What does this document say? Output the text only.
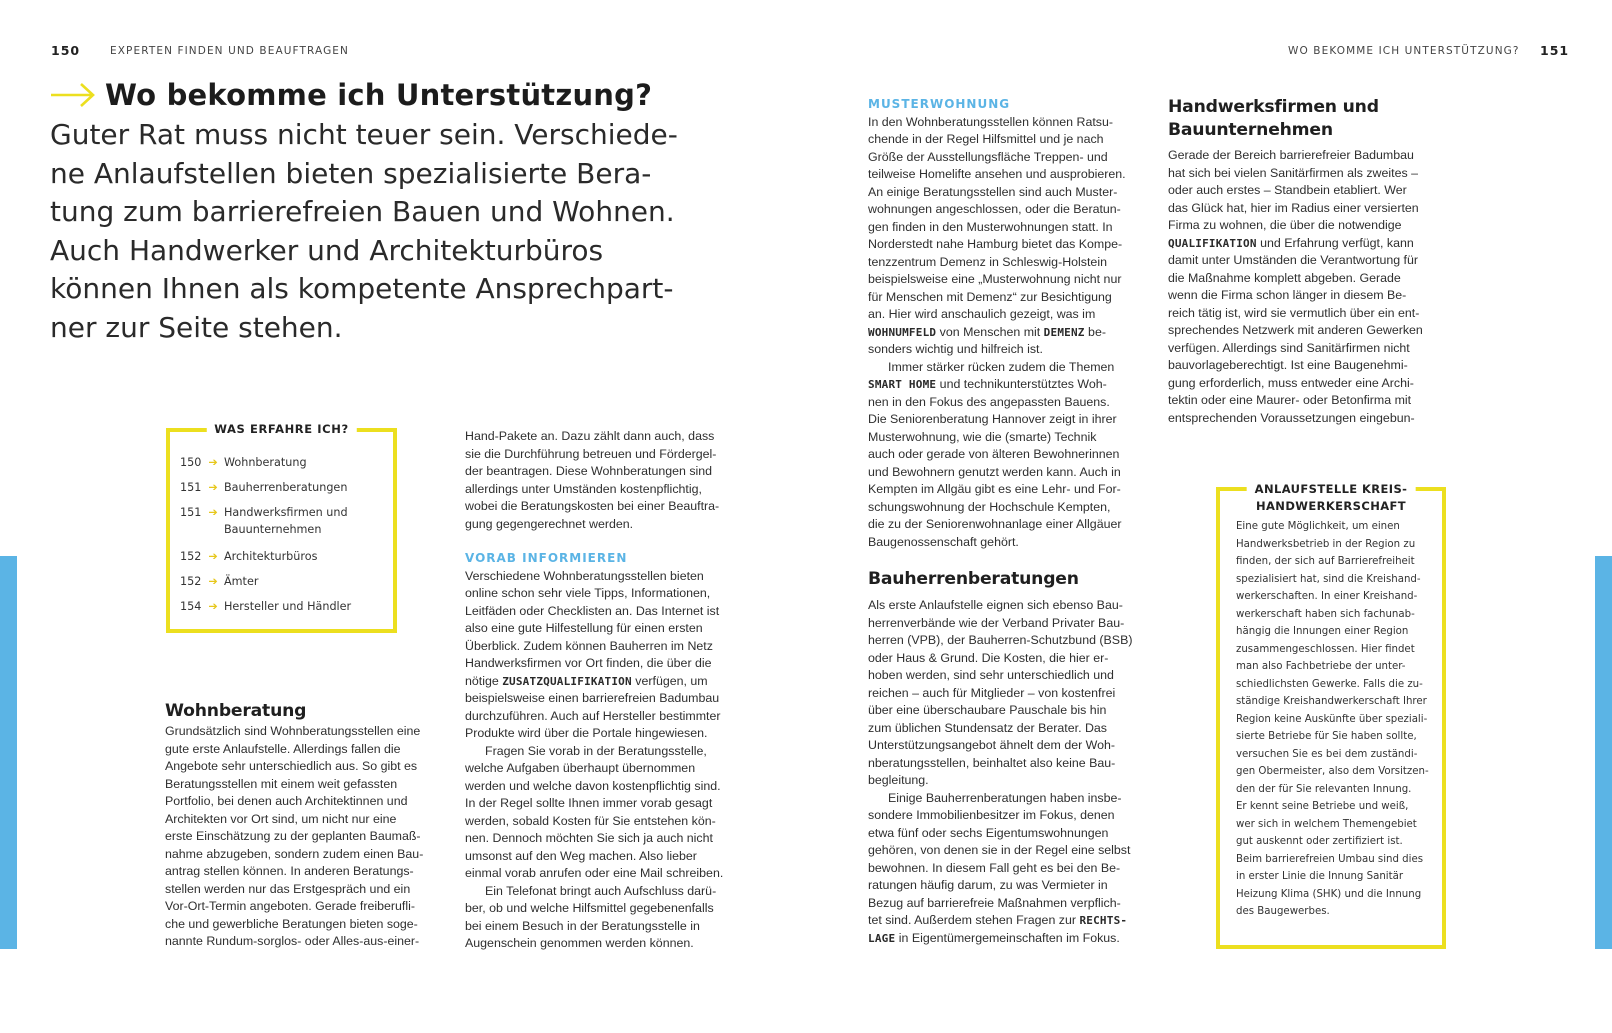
150	EXPERTEN FINDEN UND BEAUFTRAGEN	WO BEKOMME ICH UNTERSTÜTZUNG? 151
Wo bekomme ich Unterstützung?
Guter Rat muss nicht teuer sein. Verschiede-
ne Anlaufstellen bieten spezialisierte Bera-
tung zum barrierefreien Bauen und Wohnen.
Auch Handwerker und Architekturbüros
können Ihnen als kompetente Ansprechpart-
ner zur Seite stehen.
WAS ERFAHRE ICH?
150 ➔ Wohnberatung
151 ➔ Bauherrenberatungen
151 ➔ Handwerksfirmen und Bauunternehmen
152 ➔ Architekturbüros
152 ➔ Ämter
154 ➔ Hersteller und Händler
Wohnberatung
Grundsätzlich sind Wohnberatungsstellen eine
gute erste Anlaufstelle. Allerdings fallen die
Angebote sehr unterschiedlich aus. So gibt es
Beratungsstellen mit einem weit gefassten
Portfolio, bei denen auch Architektinnen und
Architekten vor Ort sind, um nicht nur eine
erste Einschätzung zu der geplanten Baumaß-
nahme abzugeben, sondern zudem einen Bau-
antrag stellen können. In anderen Beratungs-
stellen werden nur das Erstgespräch und ein
Vor-Ort-Termin angeboten. Gerade freiberufli-
che und gewerbliche Beratungen bieten soge-
nannte Rundum-sorglos- oder Alles-aus-einer-
Hand-Pakete an. Dazu zählt dann auch, dass
sie die Durchführung betreuen und Fördergel-
der beantragen. Diese Wohnberatungen sind
allerdings unter Umständen kostenpflichtig,
wobei die Beratungskosten bei einer Beauftra-
gung gegengerechnet werden.
VORAB INFORMIEREN
Verschiedene Wohnberatungsstellen bieten
online schon sehr viele Tipps, Informationen,
Leitfäden oder Checklisten an. Das Internet ist
also eine gute Hilfestellung für einen ersten
Überblick. Zudem können Bauherren im Netz
Handwerksfirmen vor Ort finden, die über die
nötige ZUSATZQUALIFIKATION verfügen, um
beispielsweise einen barrierefreien Badumbau
durchzuführen. Auch auf Hersteller bestimmter
Produkte wird über die Portale hingewiesen.
Fragen Sie vorab in der Beratungsstelle,
welche Aufgaben überhaupt übernommen
werden und welche davon kostenpflichtig sind.
In der Regel sollte Ihnen immer vorab gesagt
werden, sobald Kosten für Sie entstehen kön-
nen. Dennoch möchten Sie sich ja auch nicht
umsonst auf den Weg machen. Also lieber
einmal vorab anrufen oder eine Mail schreiben.
Ein Telefonat bringt auch Aufschluss darü-
ber, ob und welche Hilfsmittel gegebenenfalls
bei einem Besuch in der Beratungsstelle in
Augenschein genommen werden können.
MUSTERWOHNUNG
In den Wohnberatungsstellen können Ratsu-
chende in der Regel Hilfsmittel und je nach
Größe der Ausstellungsfläche Treppen- und
teilweise Homelifte ansehen und ausprobieren.
An einige Beratungsstellen sind auch Muster-
wohnungen angeschlossen, oder die Beratun-
gen finden in den Musterwohnungen statt. In
Norderstedt nahe Hamburg bietet das Kompe-
tenzzentrum Demenz in Schleswig-Holstein
beispielsweise eine „Musterwohnung nicht nur
für Menschen mit Demenz“ zur Besichtigung
an. Hier wird anschaulich gezeigt, was im
WOHNUMFELD von Menschen mit DEMENZ be-
sonders wichtig und hilfreich ist.
Immer stärker rücken zudem die Themen
SMART HOME und technikunterstütztes Woh-
nen in den Fokus des angepassten Bauens.
Die Seniorenberatung Hannover zeigt in ihrer
Musterwohnung, wie die (smarte) Technik
auch oder gerade von älteren Bewohnerinnen
und Bewohnern genutzt werden kann. Auch in
Kempten im Allgäu gibt es eine Lehr- und For-
schungswohnung der Hochschule Kempten,
die zu der Seniorenwohnanlage einer Allgäuer
Baugenossenschaft gehört.
Bauherrenberatungen
Als erste Anlaufstelle eignen sich ebenso Bau-
herrenverbände wie der Verband Privater Bau-
herren (VPB), der Bauherren-Schutzbund (BSB)
oder Haus & Grund. Die Kosten, die hier er-
hoben werden, sind sehr unterschiedlich und
reichen – auch für Mitglieder – von kostenfrei
über eine überschaubare Pauschale bis hin
zum üblichen Stundensatz der Berater. Das
Unterstützungsangebot ähnelt dem der Woh-
nberatungsstellen, beinhaltet also keine Bau-
begleitung.
Einige Bauherrenberatungen haben insbe-
sondere Immobilienbesitzer im Fokus, denen
etwa fünf oder sechs Eigentumswohnungen
gehören, von denen sie in der Regel eine selbst
bewohnen. In diesem Fall geht es bei den Be-
ratungen häufig darum, zu was Vermieter in
Bezug auf barrierefreie Maßnahmen verpflich-
tet sind. Außerdem stehen Fragen zur RECHTS-
LAGE in Eigentümergemeinschaften im Fokus.
Handwerksfirmen und
Bauunternehmen
Gerade der Bereich barrierefreier Badumbau
hat sich bei vielen Sanitärfirmen als zweites –
oder auch erstes – Standbein etabliert. Wer
das Glück hat, hier im Radius einer versierten
Firma zu wohnen, die über die notwendige
QUALIFIKATION und Erfahrung verfügt, kann
damit unter Umständen die Verantwortung für
die Maßnahme komplett abgeben. Gerade
wenn die Firma schon länger in diesem Be-
reich tätig ist, wird sie vermutlich über ein ent-
sprechendes Netzwerk mit anderen Gewerken
verfügen. Allerdings sind Sanitärfirmen nicht
bauvorlageberechtigt. Ist eine Baugenehmi-
gung erforderlich, muss entweder eine Archi-
tektin oder eine Maurer- oder Betonfirma mit
entsprechenden Voraussetzungen eingebun-
ANLAUFSTELLE KREIS-
HANDWERKERSCHAFT
Eine gute Möglichkeit, um einen
Handwerksbetrieb in der Region zu
finden, der sich auf Barrierefreiheit
spezialisiert hat, sind die Kreishand-
werkerschaften. In einer Kreishand-
werkerschaft haben sich fachunab-
hängig die Innungen einer Region
zusammengeschlossen. Hier findet
man also Fachbetriebe der unter-
schiedlichsten Gewerke. Falls die zu-
ständige Kreishandwerkerschaft Ihrer
Region keine Auskünfte über speziali-
sierte Betriebe für Sie haben sollte,
versuchen Sie es bei dem zuständi-
gen Obermeister, also dem Vorsitzen-
den der für Sie relevanten Innung.
Er kennt seine Betriebe und weiß,
wer sich in welchem Themengebiet
gut auskennt oder zertifiziert ist.
Beim barrierefreien Umbau sind dies
in erster Linie die Innung Sanitär
Heizung Klima (SHK) und die Innung
des Baugewerbes.
